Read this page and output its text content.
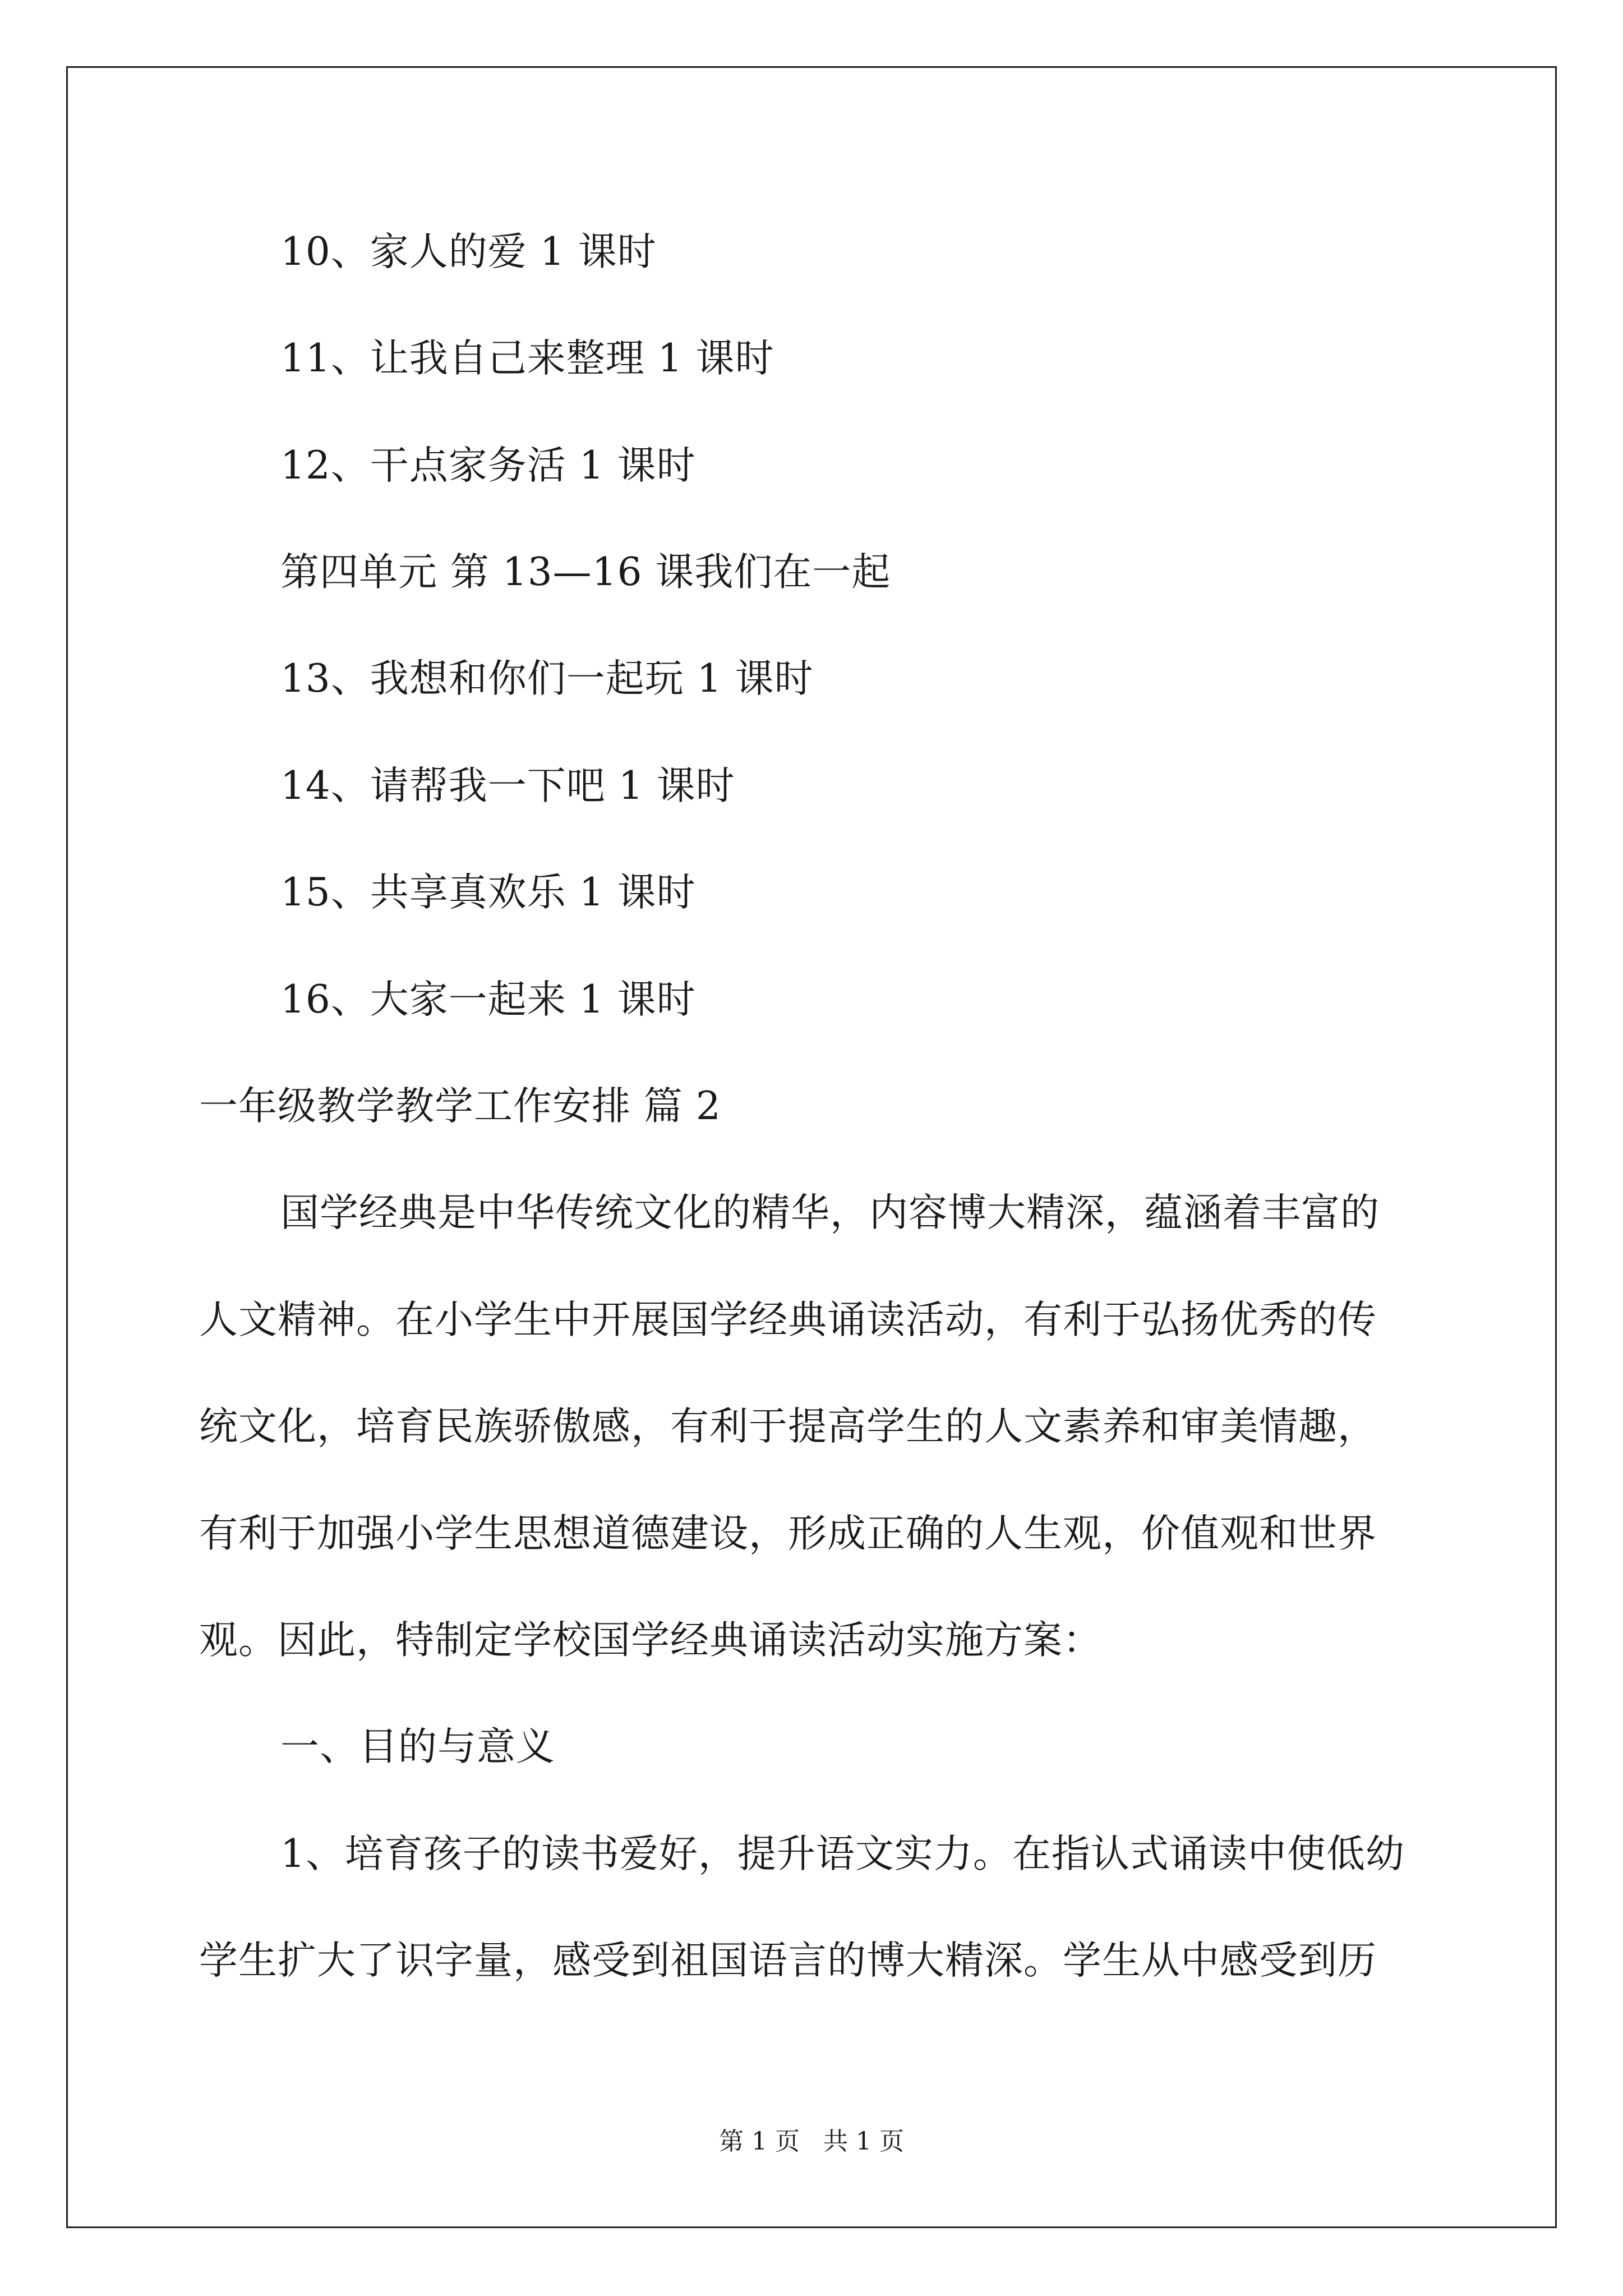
10、家人的爱 1 课时
11、让我自己来整理 1 课时
12、干点家务活 1 课时
第四单元 第 13—16 课我们在一起
13、我想和你们一起玩 1 课时
14、请帮我一下吧 1 课时
15、共享真欢乐 1 课时
16、大家一起来 1 课时
一年级教学教学工作安排 篇 2
国学经典是中华传统文化的精华，内容博大精深，蕴涵着丰富的
人文精神。在小学生中开展国学经典诵读活动，有利于弘扬优秀的传
统文化，培育民族骄傲感，有利于提高学生的人文素养和审美情趣，
有利于加强小学生思想道德建设，形成正确的人生观，价值观和世界
观。因此，特制定学校国学经典诵读活动实施方案：
一、目的与意义
1、培育孩子的读书爱好，提升语文实力。在指认式诵读中使低幼
学生扩大了识字量，感受到祖国语言的博大精深。学生从中感受到历
第 1 页   共 1 页
